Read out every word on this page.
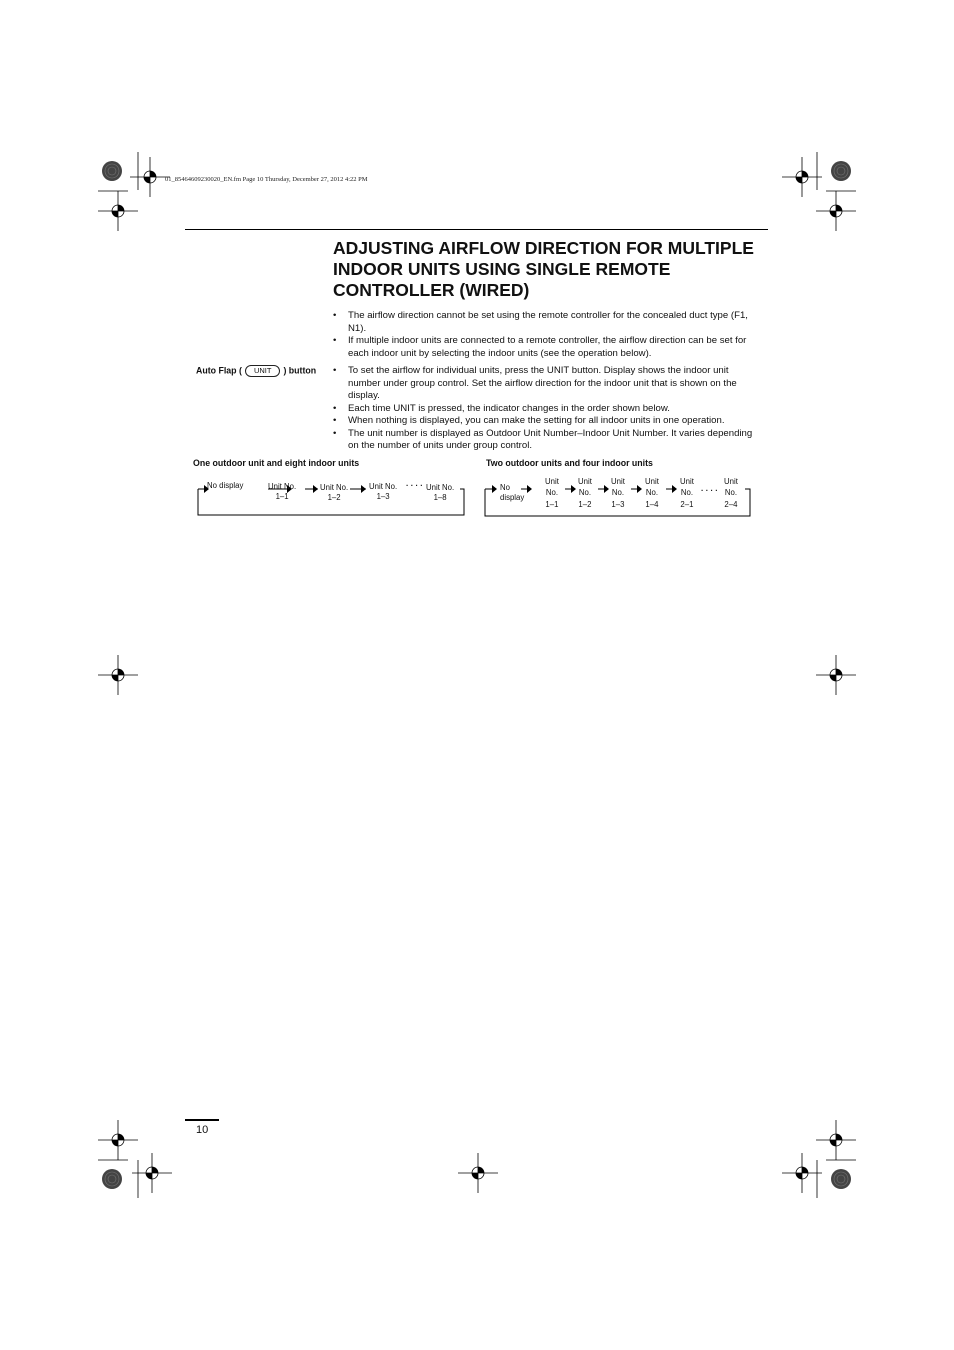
01_85464609230020_EN.fm Page 10 Thursday, December 27, 2012 4:22 PM
ADJUSTING AIRFLOW DIRECTION FOR MULTIPLE INDOOR UNITS USING SINGLE REMOTE CONTROLLER (WIRED)
• The airflow direction cannot be set using the remote controller for the concealed duct type (F1, N1).
• If multiple indoor units are connected to a remote controller, the airflow direction can be set for each indoor unit by selecting the indoor units (see the operation below).
Auto Flap ( UNIT ) button
•	To set the airflow for individual units, press the UNIT button. Display shows the indoor unit number under group control. Set the airflow direction for the indoor unit that is shown on the display.
• Each time UNIT is pressed, the indicator changes in the order shown below.
• When nothing is displayed, you can make the setting for all indoor units in one operation.
• The unit number is displayed as Outdoor Unit Number–Indoor Unit Number. It varies depending on the number of units under group control.
One outdoor unit and eight indoor units	Two outdoor units and four indoor units
No display	Unit No.
1–1
Unit No.
1–2
Unit No.
1–3
· · · · Unit No.
1–8
No
display
Unit
No.
1–1
Unit
No.
1–2
Unit
No.
1–3
Unit
No.
1–4
Unit
No.
2–1
· · · ·
Unit
No.
2–4
10
